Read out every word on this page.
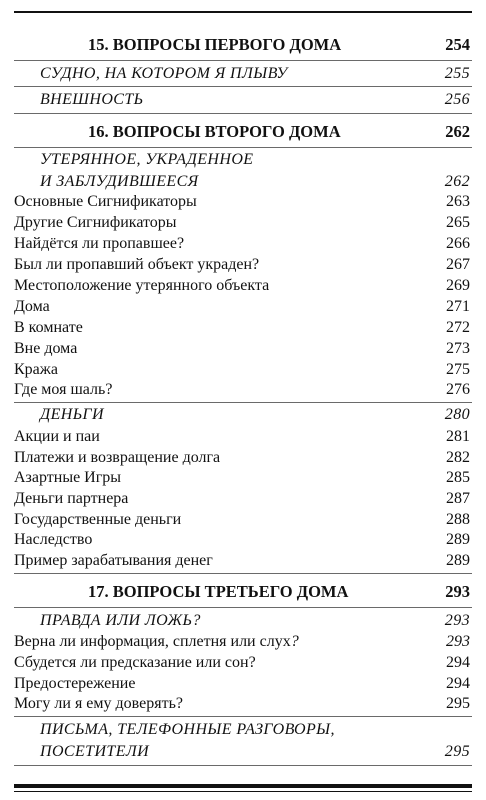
15. ВОПРОСЫ ПЕРВОГО ДОМА	254
СУДНО, НА КОТОРОМ Я ПЛЫВУ	255
ВНЕШНОСТЬ	256
16. ВОПРОСЫ ВТОРОГО ДОМА	262
УТЕРЯННОЕ, УКРАДЕННОЕ
И ЗАБЛУДИВШЕЕСЯ	262
Основные Сигнификаторы	263
Другие Сигнификаторы	265
Найдётся ли пропавшее?	266
Был ли пропавший объект украден?	267
Местоположение утерянного объекта	269
Дома	271
В комнате	272
Вне дома	273
Кража	275
Где моя шаль?	276
ДЕНЬГИ	280
Акции и паи	281
Платежи и возвращение долга	282
Азартные Игры	285
Деньги партнера	287
Государственные деньги	288
Наследство	289
Пример зарабатывания денег	289
17. ВОПРОСЫ ТРЕТЬЕГО ДОМА	293
ПРАВДА ИЛИ ЛОЖЬ?	293
Верна ли информация, сплетня или слух?	293
Сбудется ли предсказание или сон?	294
Предостережение	294
Могу ли я ему доверять?	295
ПИСЬМА, ТЕЛЕФОННЫЕ РАЗГОВОРЫ,
ПОСЕТИТЕЛИ	295
